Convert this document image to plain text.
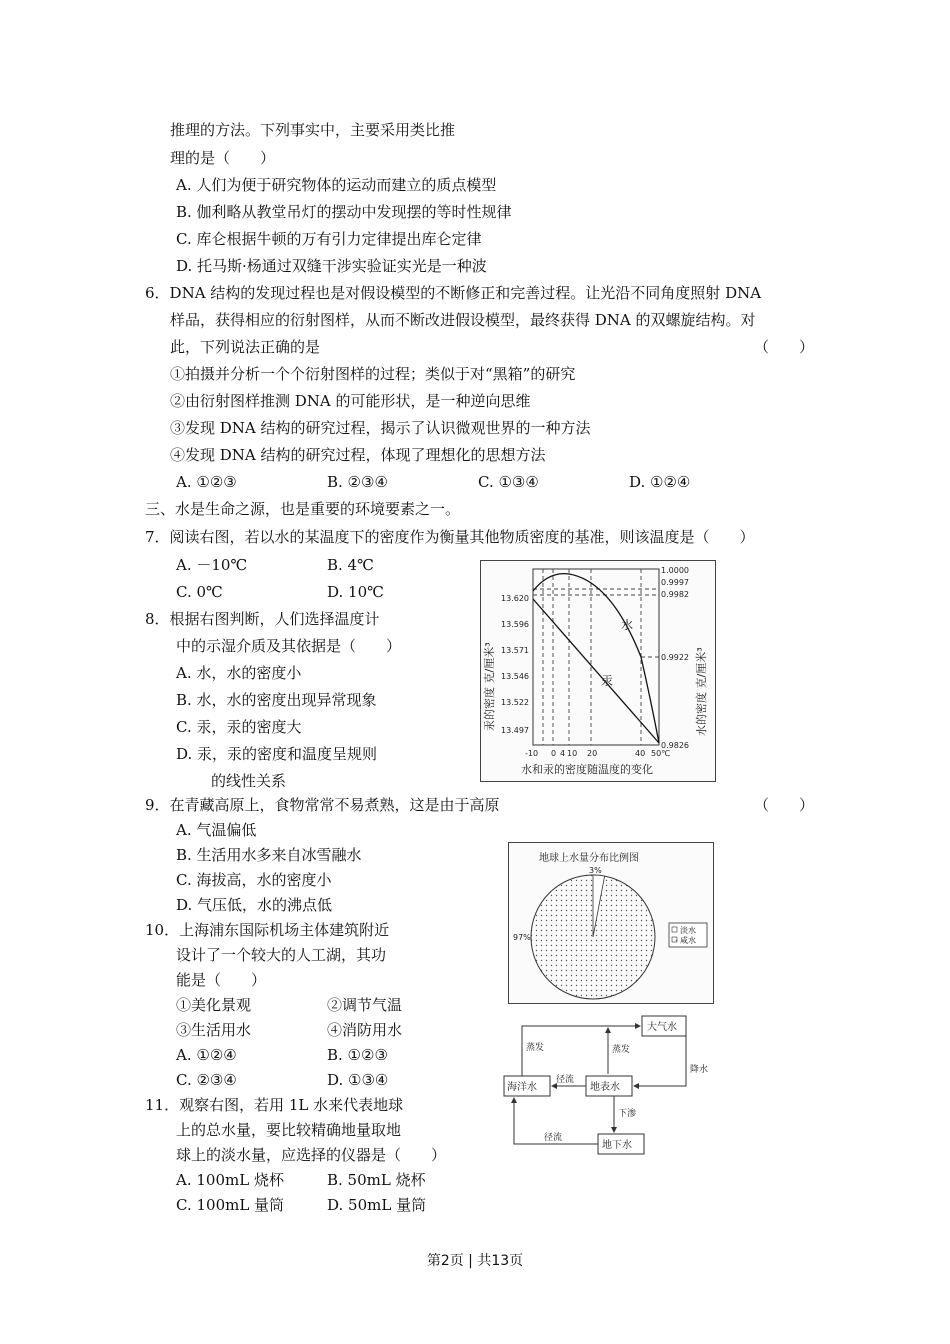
推理的方法。下列事实中，主要采用类比推
理的是（　　）
A. 人们为便于研究物体的运动而建立的质点模型
B. 伽利略从教堂吊灯的摆动中发现摆的等时性规律
C. 库仑根据牛顿的万有引力定律提出库仑定律
D. 托马斯·杨通过双缝干涉实验证实光是一种波
6．DNA 结构的发现过程也是对假设模型的不断修正和完善过程。让光沿不同角度照射 DNA
样品，获得相应的衍射图样，从而不断改进假设模型，最终获得 DNA 的双螺旋结构。对
此，下列说法正确的是	（　　）
①拍摄并分析一个个衍射图样的过程；类似于对“黑箱”的研究
②由衍射图样推测 DNA 的可能形状，是一种逆向思维
③发现 DNA 结构的研究过程，揭示了认识微观世界的一种方法
④发现 DNA 结构的研究过程，体现了理想化的思想方法
A. ①②③	B. ②③④	C. ①③④	D. ①②④
三、水是生命之源，也是重要的环境要素之一。
7．阅读右图，若以水的某温度下的密度作为衡量其他物质密度的基准，则该温度是（　　）
A. －10℃	B. 4℃
C. 0℃	D. 10℃
8．根据右图判断，人们选择温度计
中的示湿介质及其依据是（　　）
A. 水，水的密度小
B. 水，水的密度出现异常现象
C. 汞，汞的密度大
D. 汞，汞的密度和温度呈规则
的线性关系
13.620
13.596
13.571
13.546
13.522
13.497
1.0000
0.9997
0.9982
0.9922
0.9826
-10 0 4 10 20	40 50℃
水
汞
汞的密度 克/厘米³	水的密度 克/厘米³
水和汞的密度随温度的变化
9．在青藏高原上，食物常常不易煮熟，这是由于高原	（　　）
A. 气温偏低
B. 生活用水多来自冰雪融水
C. 海拔高，水的密度小
D. 气压低，水的沸点低
10．上海浦东国际机场主体建筑附近
设计了一个较大的人工湖，其功
能是（　　）
①美化景观	②调节气温
③生活用水	④消防用水
A. ①②④	B. ①②③
C. ②③④	D. ①③④
11．观察右图，若用 1L 水来代表地球
上的总水量，要比较精确地量取地
球上的淡水量，应选择的仪器是（　　）
A. 100mL 烧杯	B. 50mL 烧杯
C. 100mL 量筒	D. 50mL 量筒
地球上水量分布比例图
3%
97%
淡水
咸水
大气水
海洋水	地表水
地下水
蒸发	蒸发
降水
径流
下渗
径流
第2页 | 共13页
